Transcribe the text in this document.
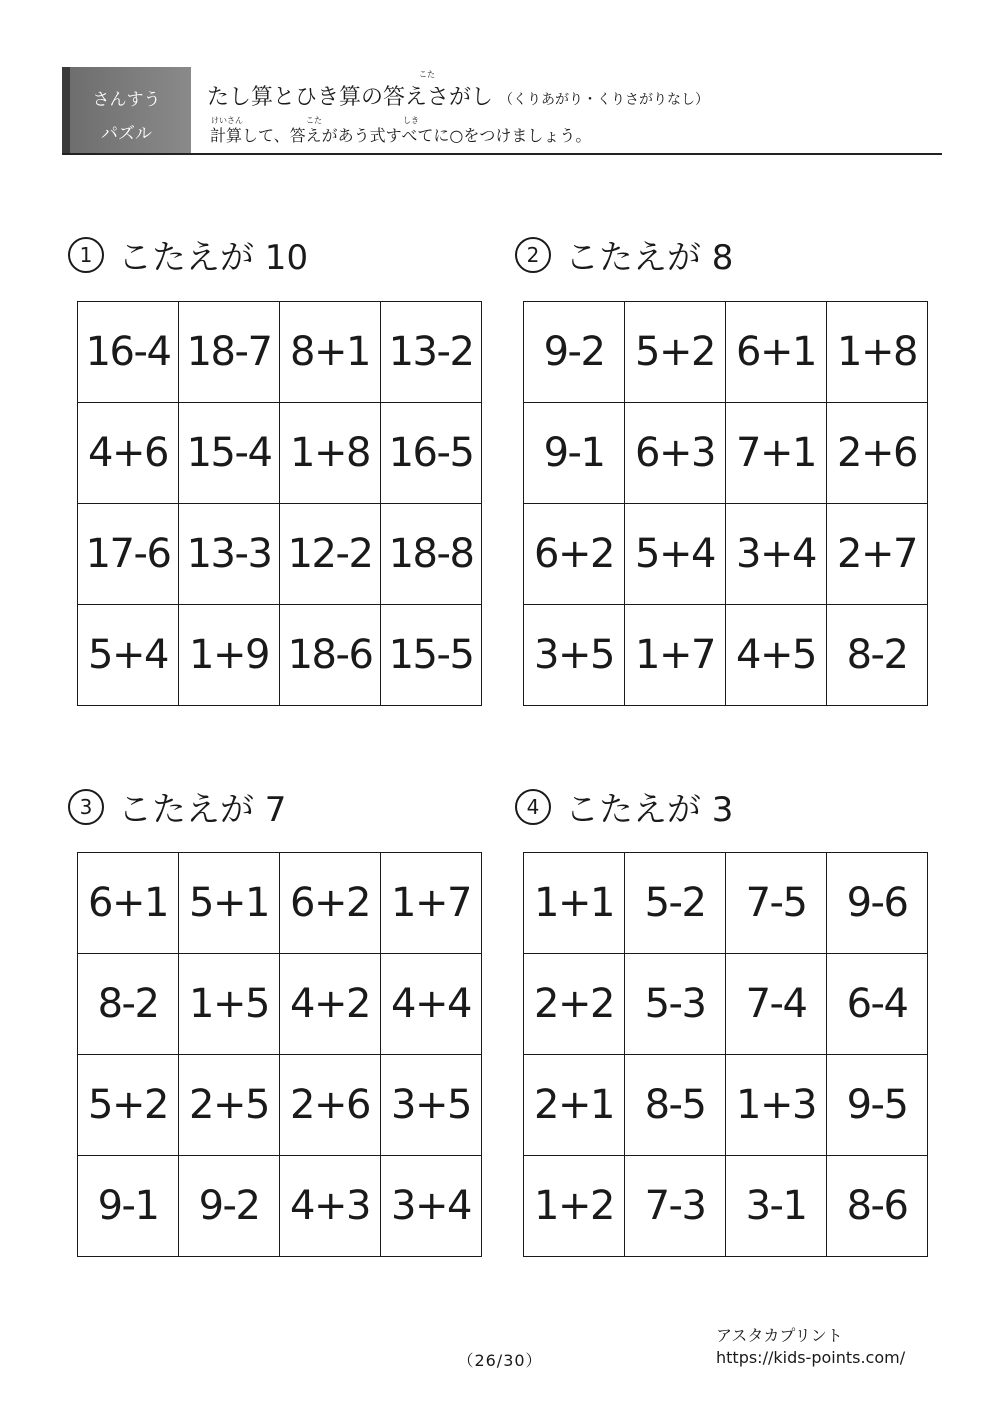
さんすう
パズル
こた
たし算とひき算の答えさがし （くりあがり・くりさがりなし）
けいさん	こた	しき
計算して、答えがあう式すべてに○をつけましょう。
1 こたえが 10
16-4	18-7	8+1	13-2
4+6	15-4	1+8	16-5
17-6	13-3	12-2	18-8
5+4	1+9	18-6	15-5
2 こたえが 8
9-2	5+2	6+1	1+8
9-1	6+3	7+1	2+6
6+2	5+4	3+4	2+7
3+5	1+7	4+5	8-2
3 こたえが 7
6+1	5+1	6+2	1+7
8-2	1+5	4+2	4+4
5+2	2+5	2+6	3+5
9-1	9-2	4+3	3+4
4 こたえが 3
1+1	5-2	7-5	9-6
2+2	5-3	7-4	6-4
2+1	8-5	1+3	9-5
1+2	7-3	3-1	8-6
（26/30）
アスタカプリント
https://kids-points.com/
